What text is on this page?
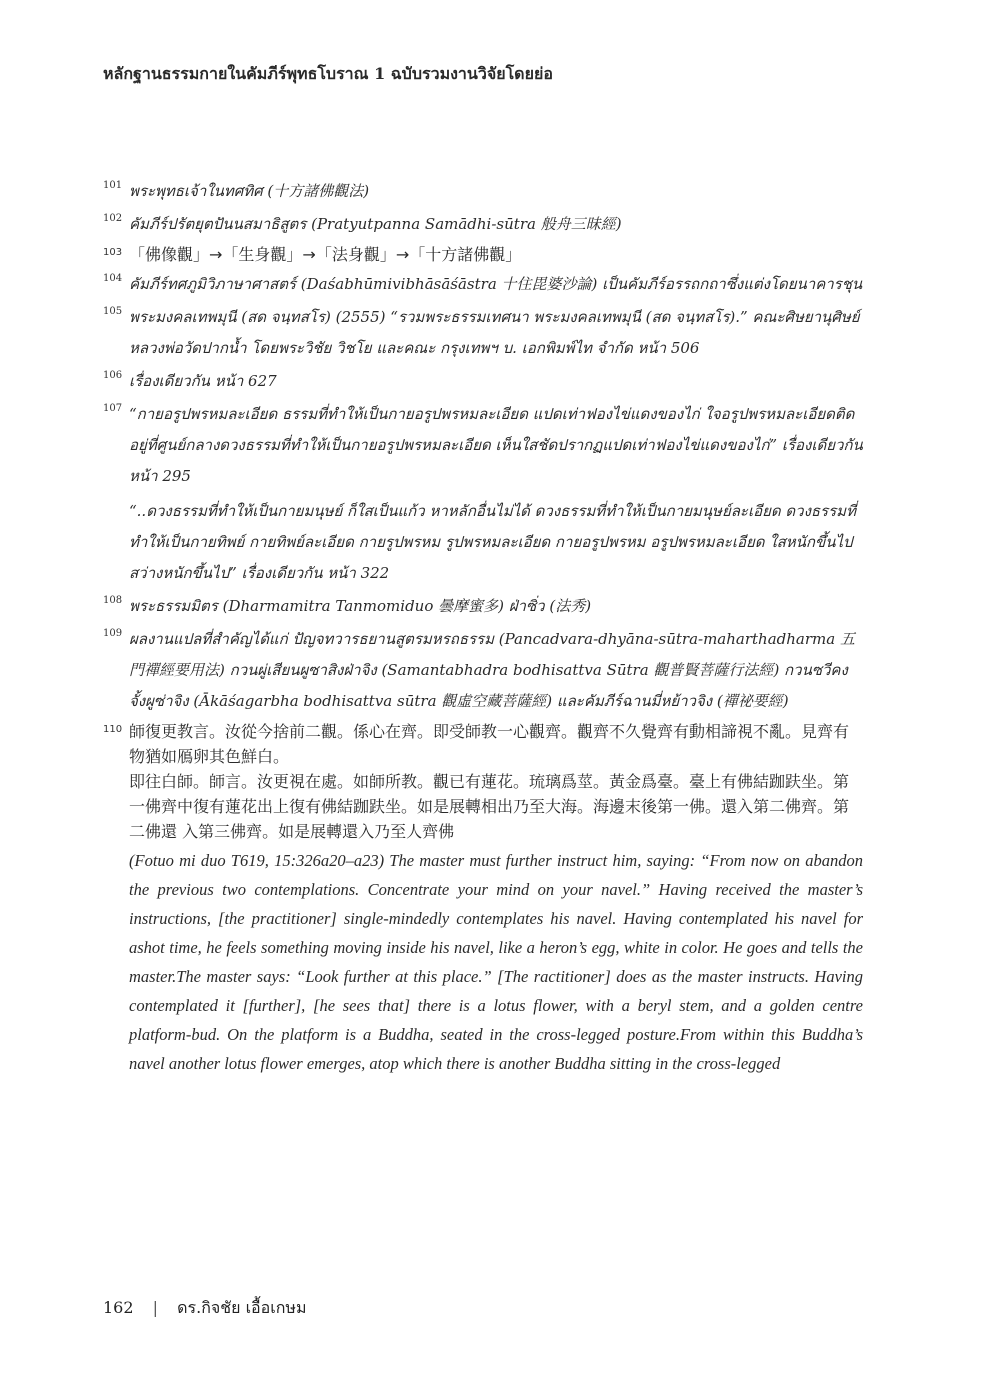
หลักฐานธรรมกายในคัมภีร์พุทธโบราณ 1 ฉบับรวมงานวิจัยโดยย่อ
101 พระพุทธเจ้าในทศทิศ (十方諸佛觀法)
102 คัมภีร์ปรัตยุตปันนสมาธิสูตร (Pratyutpanna Samādhi-sūtra 般舟三昧經)
103 「佛像觀」→「生身觀」→「法身觀」→「十方諸佛觀」
104 คัมภีร์ทศภูมิวิภาษาศาสตร์ (Daśabhūmivibhāsāśāstra 十住毘婆沙論) เป็นคัมภีร์อรรถกถาซึ่งแต่งโดยนาคารชุน
105 พระมงคลเทพมุนี (สด จนฺทสโร) (2555) “รวมพระธรรมเทศนา พระมงคลเทพมุนี (สด จนฺทสโร).” คณะศิษยานุศิษย์หลวงพ่อวัดปากน้ำ โดยพระวิชัย วิชโย และคณะ กรุงเทพฯ บ. เอกพิมพ์ไท จำกัด หน้า 506
106 เรื่องเดียวกัน หน้า 627
107 “กายอรูปพรหมละเอียด ธรรมที่ทำให้เป็นกายอรูปพรหมละเอียด แปดเท่าฟองไข่แดงของไก่ ใจอรูปพรหมละเอียดติดอยู่ที่ศูนย์กลางดวงธรรมที่ทำให้เป็นกายอรูปพรหมละเอียด เห็นใสชัดปรากฏแปดเท่าฟองไข่แดงของไก่” เรื่องเดียวกัน หน้า 295
“..ดวงธรรมที่ทำให้เป็นกายมนุษย์ ก็ใสเป็นแก้ว หาหลักอื่นไม่ได้ ดวงธรรมที่ทำให้เป็นกายมนุษย์ละเอียด ดวงธรรมที่ทำให้เป็นกายทิพย์ กายทิพย์ละเอียด กายรูปพรหม รูปพรหมละเอียด กายอรูปพรหม อรูปพรหมละเอียด ใสหนักขึ้นไป สว่างหนักขึ้นไป” เรื่องเดียวกัน หน้า 322
108 พระธรรมมิตร (Dharmamitra Tanmomiduo 曇摩蜜多) ฝ่าซิ่ว (法秀)
109 ผลงานแปลที่สำคัญได้แก่ ปัญจทวารธยานสูตรมหรถธรรม (Pancadvara-dhyāna-sūtra-maharthadharma 五門禪經要用法) กวนผู่เสียนผูซาสิงฝ่าจิง (Samantabhadra bodhisattva Sūtra 觀普賢菩薩行法經) กวนซวีคงจั้งผูซ่าจิง (Ākāśagarbha bodhisattva sūtra 觀虛空藏菩薩經) และคัมภีร์ฉานมี่หย้าวจิง (禪祕要經)
110 師復更教言。汝從今捨前二觀。係心在齊。即受師教一心觀齊。觀齊不久覺齊有動相諦視不亂。見齊有物猶如鴈卵其色鮮白。
即往白師。師言。汝更視在處。如師所教。觀已有蓮花。琉璃爲莖。黃金爲臺。臺上有佛結跏趺坐。第一佛齊中復有蓮花出上復有佛結跏趺坐。如是展轉相出乃至大海。海邊末後第一佛。還入第二佛齊。第二佛還 入第三佛齊。如是展轉還入乃至人齊佛
(Fotuo mi duo T619, 15:326a20–a23) The master must further instruct him, saying: “From now on abandon the previous two contemplations. Concentrate your mind on your navel.” Having received the master’s instructions, [the practitioner] single-mindedly contemplates his navel. Having contemplated his navel for ashot time, he feels something moving inside his navel, like a heron’s egg, white in color. He goes and tells the master.The master says: “Look further at this place.” [The ractitioner] does as the master instructs. Having contemplated it [further], [he sees that] there is a lotus flower, with a beryl stem, and a golden centre platform-bud. On the platform is a Buddha, seated in the cross-legged posture.From within this Buddha’s navel another lotus flower emerges, atop which there is another Buddha sitting in the cross-legged
162 | ดร.กิจชัย เอื้อเกษม
